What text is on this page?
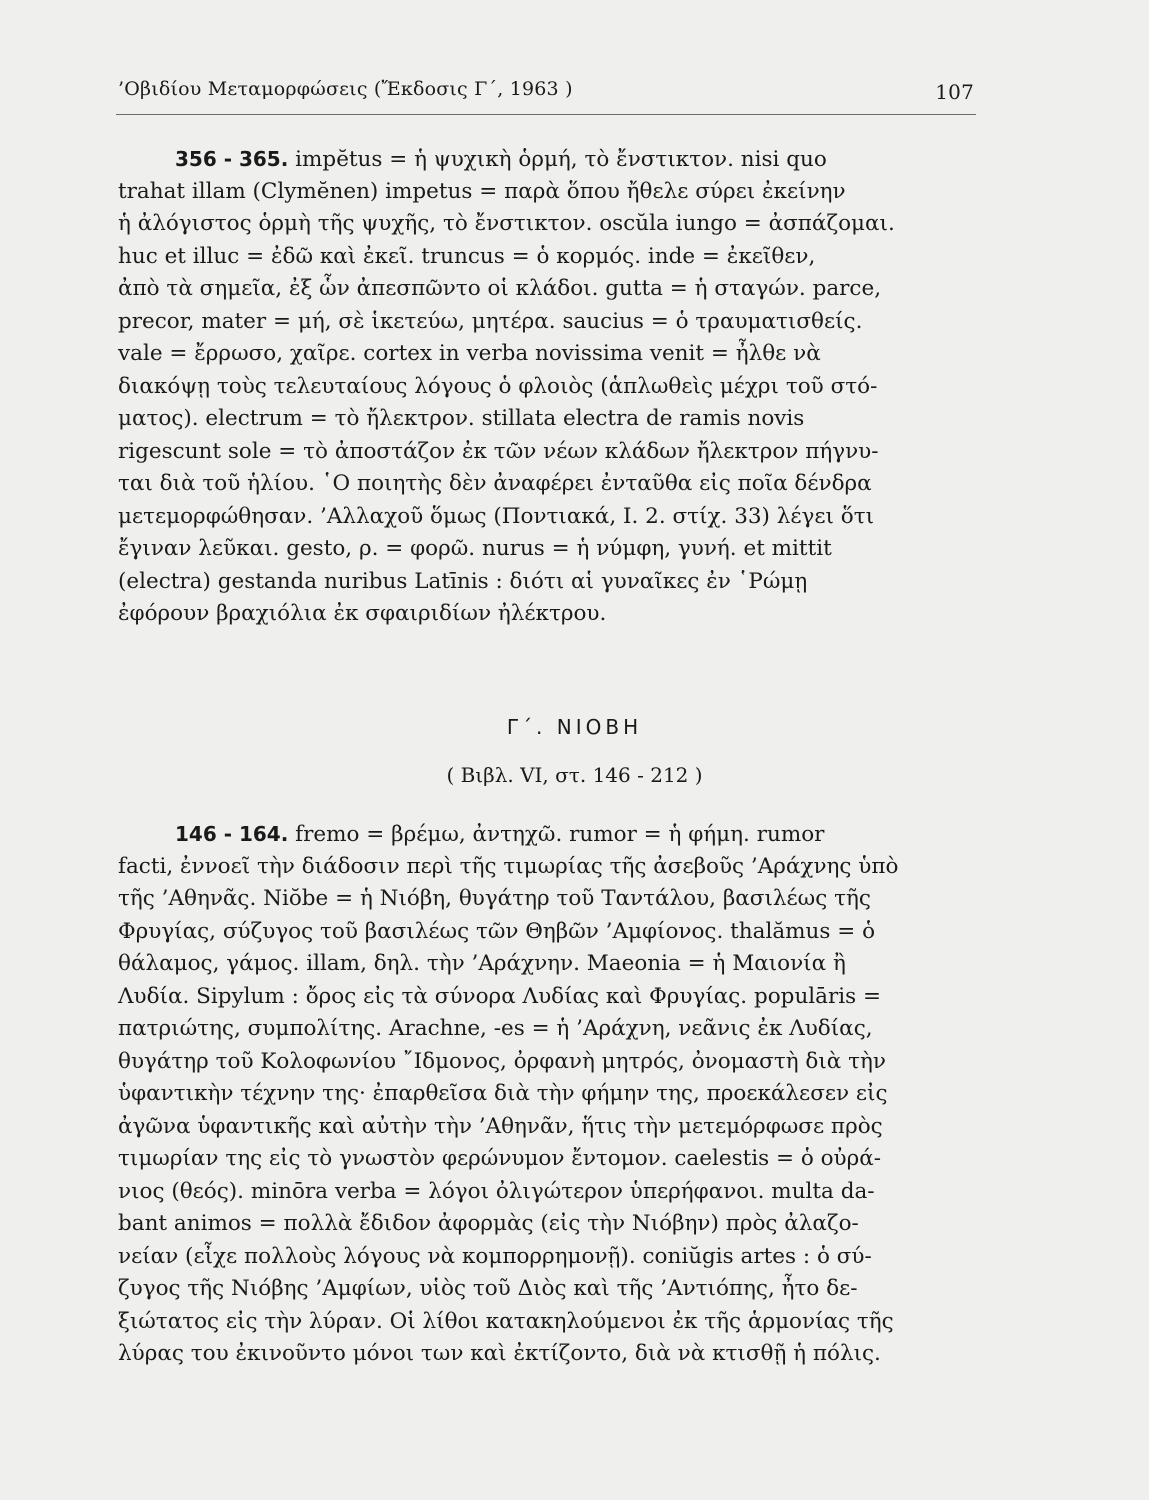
’Οβιδίου Μεταμορφώσεις (Ἔκδοσις Γ΄, 1963 )	107
356 - 365. impĕtus = ἡ ψυχικὴ ὁρμή, τὸ ἔνστικτον. nisi quo
trahat illam (Clymĕnen) impetus = παρὰ ὅπου ἤθελε σύρει ἐκείνην
ἡ ἀλόγιστος ὁρμὴ τῆς ψυχῆς, τὸ ἔνστικτον. oscŭla iungo = ἀσπάζομαι.
huc et illuc = ἐδῶ καὶ ἐκεῖ. truncus = ὁ κορμός. inde = ἐκεῖθεν,
ἀπὸ τὰ σημεῖα, ἐξ ὧν ἀπεσπῶντο οἱ κλάδοι. gutta = ἡ σταγών. parce,
precor, mater = μή, σὲ ἱκετεύω, μητέρα. saucius = ὁ τραυματισθείς.
vale = ἔρρωσο, χαῖρε. cortex in verba novissima venit = ἦλθε νὰ
διακόψῃ τοὺς τελευταίους λόγους ὁ φλοιὸς (ἁπλωθεὶς μέχρι τοῦ στό-
ματος). electrum = τὸ ἤλεκτρον. stillata electra de ramis novis
rigescunt sole = τὸ ἀποστάζον ἐκ τῶν νέων κλάδων ἤλεκτρον πήγνυ-
ται διὰ τοῦ ἡλίου. ῾Ο ποιητὴς δὲν ἀναφέρει ἐνταῦθα εἰς ποῖα δένδρα
μετεμορφώθησαν. ’Αλλαχοῦ ὅμως (Ποντιακά, I. 2. στίχ. 33) λέγει ὅτι
ἔγιναν λεῦκαι. gesto, ρ. = φορῶ. nurus = ἡ νύμφη, γυνή. et mittit
(electra) gestanda nuribus Latīnis : διότι αἱ γυναῖκες ἐν ῾Ρώμῃ
ἐφόρουν βραχιόλια ἐκ σφαιριδίων ἠλέκτρου.
Γ΄. ΝΙΟΒΗ
( Βιβλ. VI, στ. 146 - 212 )
146 - 164. fremo = βρέμω, ἀντηχῶ. rumor = ἡ φήμη. rumor
facti, ἐννοεῖ τὴν διάδοσιν περὶ τῆς τιμωρίας τῆς ἀσεβοῦς ’Αράχνης ὑπὸ
τῆς ’Αθηνᾶς. Niŏbe = ἡ Νιόβη, θυγάτηρ τοῦ Ταντάλου, βασιλέως τῆς
Φρυγίας, σύζυγος τοῦ βασιλέως τῶν Θηβῶν ’Αμφίονος. thalămus = ὁ
θάλαμος, γάμος. illam, δηλ. τὴν ’Αράχνην. Maeonia = ἡ Μαιονία ἢ
Λυδία. Sipylum : ὄρος εἰς τὰ σύνορα Λυδίας καὶ Φρυγίας. populāris =
πατριώτης, συμπολίτης. Arachne, -es = ἡ ’Αράχνη, νεᾶνις ἐκ Λυδίας,
θυγάτηρ τοῦ Κολοφωνίου ῎Ιδμονος, ὀρφανὴ μητρός, ὀνομαστὴ διὰ τὴν
ὑφαντικὴν τέχνην της· ἐπαρθεῖσα διὰ τὴν φήμην της, προεκάλεσεν εἰς
ἀγῶνα ὑφαντικῆς καὶ αὐτὴν τὴν ’Αθηνᾶν, ἥτις τὴν μετεμόρφωσε πρὸς
τιμωρίαν της εἰς τὸ γνωστὸν φερώνυμον ἔντομον. caelestis = ὁ οὐρά-
νιος (θεός). minōra verba = λόγοι ὀλιγώτερον ὑπερήφανοι. multa da-
bant animos = πολλὰ ἔδιδον ἀφορμὰς (εἰς τὴν Νιόβην) πρὸς ἀλαζο-
νείαν (εἶχε πολλοὺς λόγους νὰ κομπορρημονῇ). coniŭgis artes : ὁ σύ-
ζυγος τῆς Νιόβης ’Αμφίων, υἱὸς τοῦ Διὸς καὶ τῆς ’Αντιόπης, ἦτο δε-
ξιώτατος εἰς τὴν λύραν. Οἱ λίθοι κατακηλούμενοι ἐκ τῆς ἁρμονίας τῆς
λύρας του ἐκινοῦντο μόνοι των καὶ ἐκτίζοντο, διὰ νὰ κτισθῇ ἡ πόλις.
